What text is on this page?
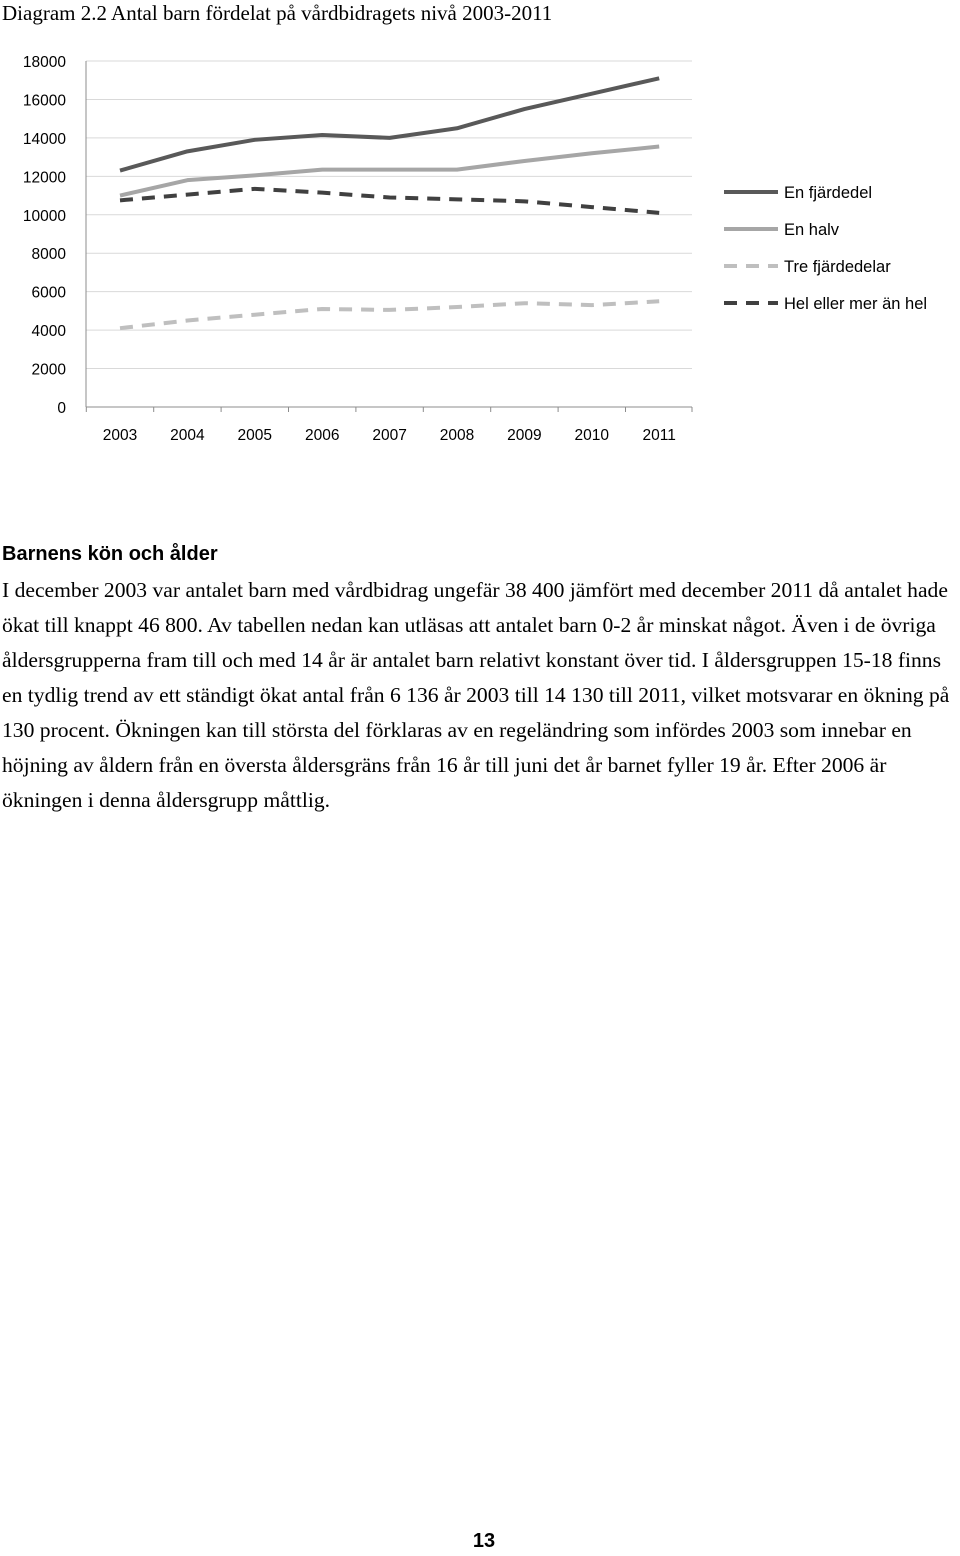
Diagram 2.2 Antal barn fördelat på vårdbidragets nivå 2003-2011
0
2000
4000
6000
8000
10000
12000
14000
16000
18000
2003 2004 2005 2006 2007 2008 2009 2010 2011
En fjärdedel
En halv
Tre fjärdedelar
Hel eller mer än hel
Barnens kön och ålder
I december 2003 var antalet barn med vårdbidrag ungefär 38 400 jämfört med december 2011 då antalet hade ökat till knappt 46 800. Av tabellen nedan kan utläsas att antalet barn 0-2 år minskat något. Även i de övriga åldersgrupperna fram till och med 14 år är antalet barn relativt konstant över tid. I åldersgruppen 15-18 finns en tydlig trend av ett ständigt ökat antal från 6 136 år 2003 till 14 130 till 2011, vilket motsvarar en ökning på 130 procent. Ökningen kan till största del förklaras av en regeländring som infördes 2003 som innebar en höjning av åldern från en översta åldersgräns från 16 år till juni det år barnet fyller 19 år. Efter 2006 är ökningen i denna åldersgrupp måttlig.
13
